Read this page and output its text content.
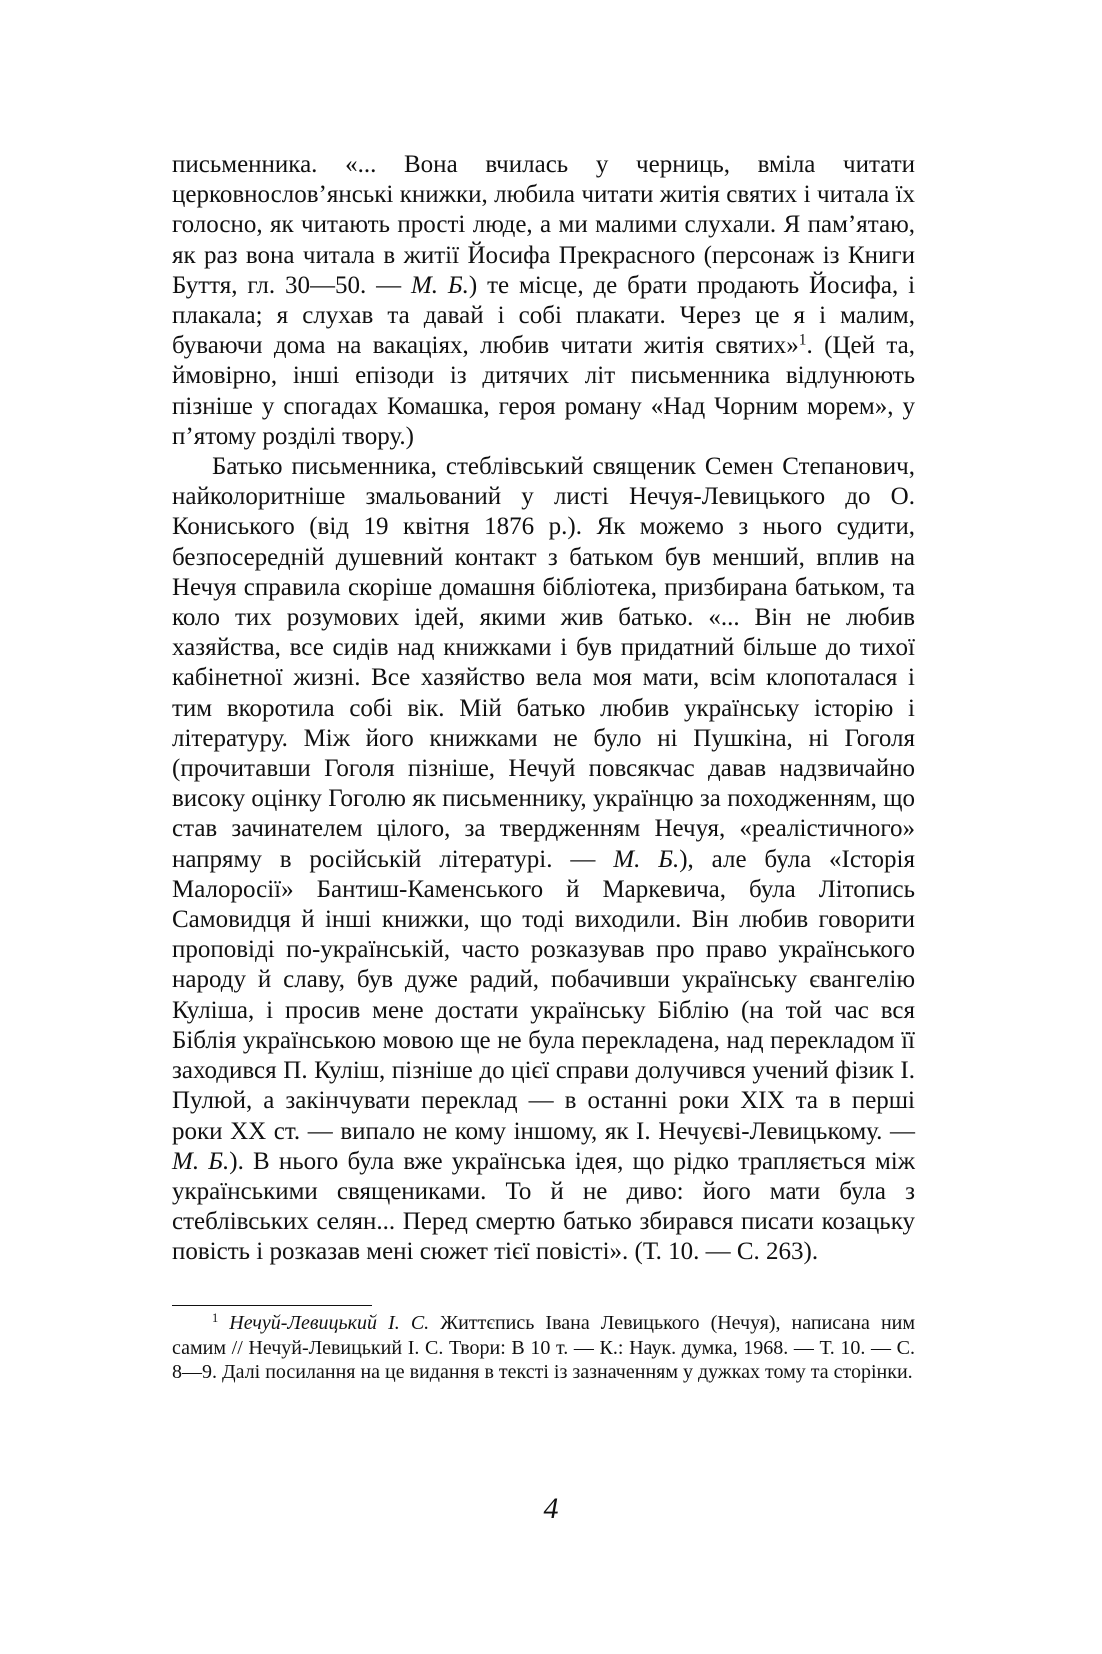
письменника. «... Вона вчилась у черниць, вміла читати церковнослов’янські книжки, любила читати житія святих і читала їх голосно, як читають прості люде, а ми малими слухали. Я пам’ятаю, як раз вона читала в житії Йосифа Прекрасного (персонаж із Книги Буття, гл. 30—50. — М. Б.) те місце, де брати продають Йосифа, і плакала; я слухав та давай і собі плакати. Через це я і малим, буваючи дома на вакаціях, любив читати житія святих»$^1$. (Цей та, ймовірно, інші епізоди із дитячих літ письменника відлунюють пізніше у спогадах Комашка, героя роману «Над Чорним морем», у п’ятому розділі твору.)

Батько письменника, стеблівський священик Семен Степанович, найколоритніше змальований у листі Нечуя-Левицького до О. Кониського (від 19 квітня 1876 р.). Як можемо з нього судити, безпосередній душевний контакт з батьком був менший, вплив на Нечуя справила скоріше домашня бібліотека, призбирана батьком, та коло тих розумових ідей, якими жив батько. «... Він не любив хазяйства, все сидів над книжками і був придатний більше до тихої кабінетної жизні. Все хазяйство вела моя мати, всім клопоталася і тим вкоротила собі вік. Мій батько любив українську історію і літературу. Між його книжками не було ні Пушкіна, ні Гоголя (прочитавши Гоголя пізніше, Нечуй повсякчас давав надзвичайно високу оцінку Гоголю як письменнику, українцю за походженням, що став зачинателем цілого, за твердженням Нечуя, «реалістичного» напряму в російській літературі. — М. Б.), але була «Історія Малоросії» Бантиш-Каменського й Маркевича, була Літопись Самовидця й інші книжки, що тоді виходили. Він любив говорити проповіді по-українській, часто розказував про право українського народу й славу, був дуже радий, побачивши українську євангелію Куліша, і просив мене достати українську Біблію (на той час вся Біблія українською мовою ще не була перекладена, над перекладом її заходився П. Куліш, пізніше до цієї справи долучився учений фізик І. Пулюй, а закінчувати переклад — в останні роки XIX та в перші роки XX ст. — випало не кому іншому, як І. Нечуєві-Левицькому. — М. Б.). В нього була вже українська ідея, що рідко трапляється між українськими священиками. То й не диво: його мати була з стеблівських селян... Перед смертю батько збирався писати козацьку повість і розказав мені сюжет тієї повісті». (Т. 10. — С. 263).

$^1$ Нечуй-Левицький І. С. Життєпись Івана Левицького (Нечуя), написана ним самим // Нечуй-Левицький І. С. Твори: В 10 т. — К.: Наук. думка, 1968. — Т. 10. — С. 8—9. Далі посилання на це видання в тексті із зазначенням у дужках тому та сторінки.
4
